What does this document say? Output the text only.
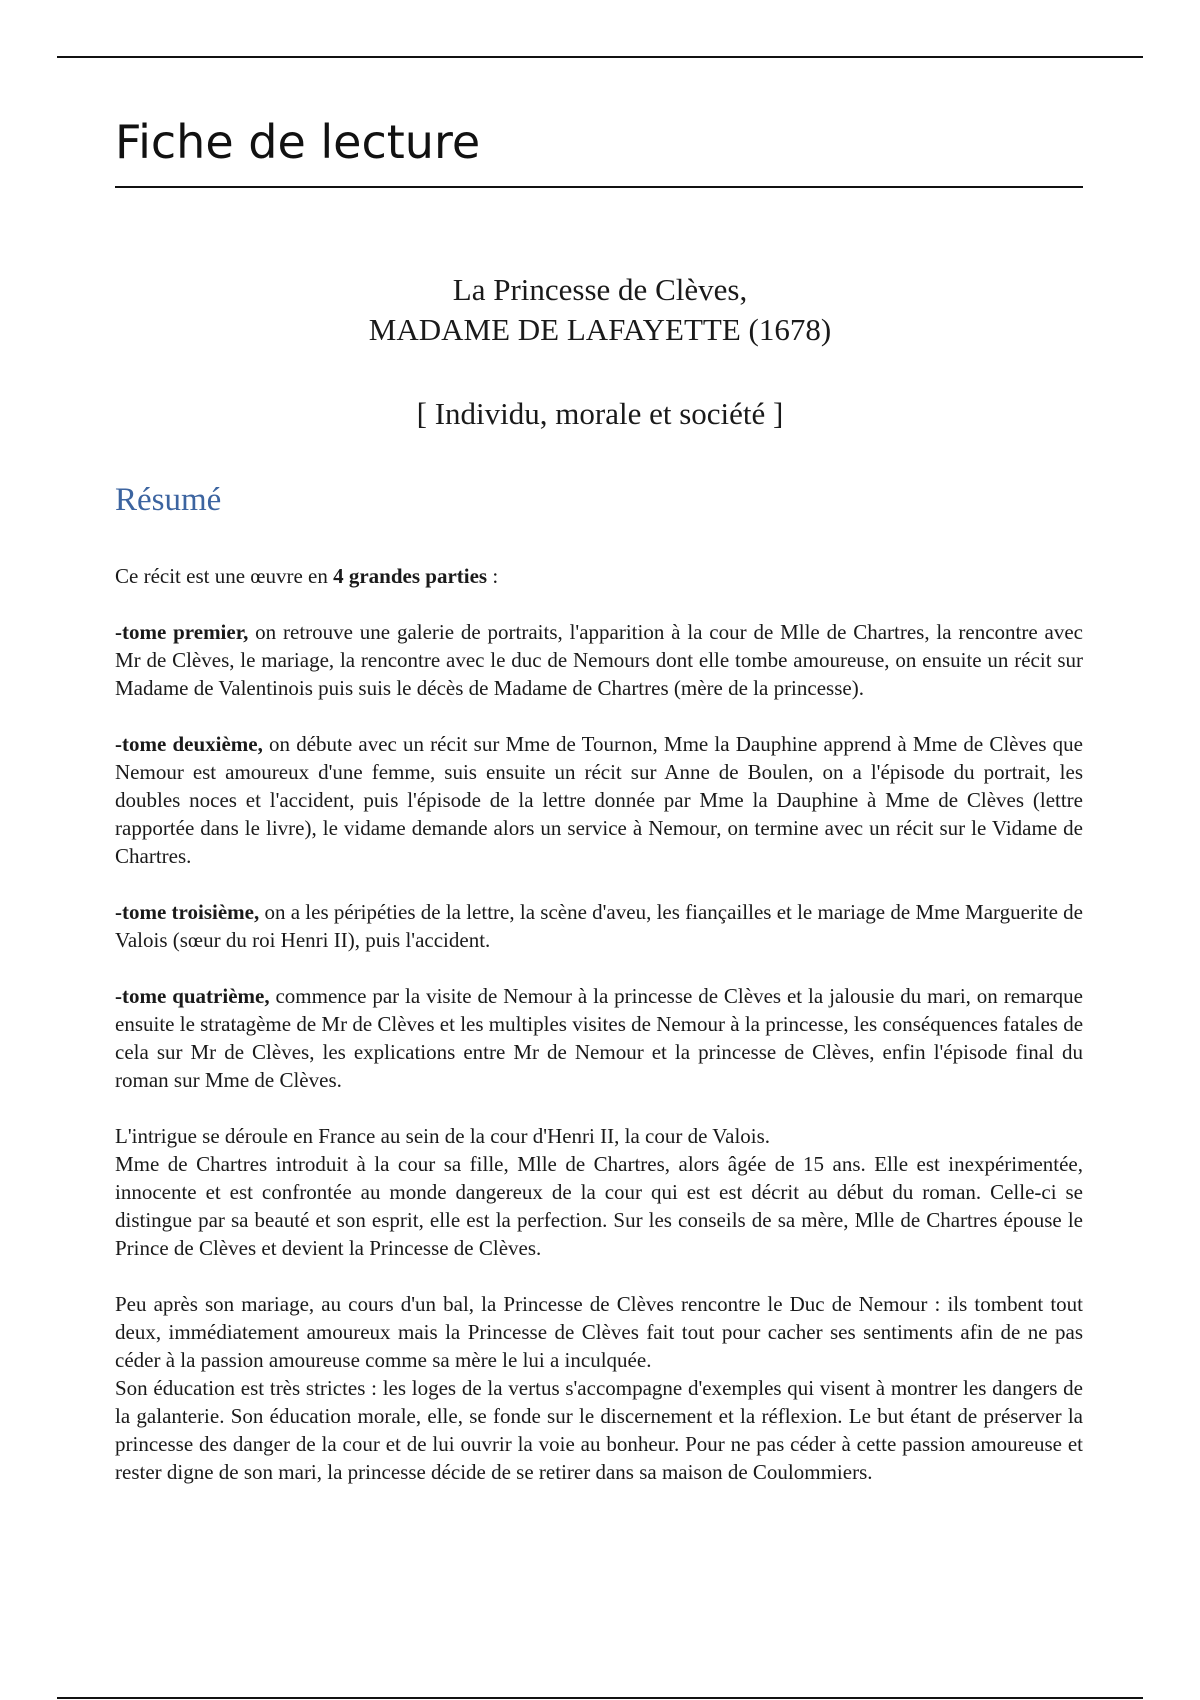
Fiche de lecture
La Princesse de Clèves,
MADAME DE LAFAYETTE (1678)
[ Individu, morale et société ]
Résumé

Ce récit est une œuvre en 4 grandes parties :

-tome premier, on retrouve une galerie de portraits, l'apparition à la cour de Mlle de Chartres, la rencontre avec Mr de Clèves, le mariage, la rencontre avec le duc de Nemours dont elle tombe amoureuse, on ensuite un récit sur Madame de Valentinois puis suis le décès de Madame de Chartres (mère de la princesse).

-tome deuxième, on débute avec un récit sur Mme de Tournon, Mme la Dauphine apprend à Mme de Clèves que Nemour est amoureux d'une femme, suis ensuite un récit sur Anne de Boulen, on a l'épisode du portrait, les doubles noces et l'accident, puis l'épisode de la lettre donnée par Mme la Dauphine à Mme de Clèves (lettre rapportée dans le livre), le vidame demande alors un service à Nemour, on termine avec un récit sur le Vidame de Chartres.

-tome troisième, on a les péripéties de la lettre, la scène d'aveu, les fiançailles et le mariage de Mme Marguerite de Valois (sœur du roi Henri II), puis l'accident.

-tome quatrième, commence par la visite de Nemour à la princesse de Clèves et la jalousie du mari, on remarque ensuite le stratagème de Mr de Clèves et les multiples visites de Nemour à la princesse, les conséquences fatales de cela sur Mr de Clèves, les explications entre Mr de Nemour et la princesse de Clèves, enfin l'épisode final du roman sur Mme de Clèves.

L'intrigue se déroule en France au sein de la cour d'Henri II, la cour de Valois.

Mme de Chartres introduit à la cour sa fille, Mlle de Chartres, alors âgée de 15 ans. Elle est inexpérimentée, innocente et est confrontée au monde dangereux de la cour qui est est décrit au début du roman. Celle-ci se distingue par sa beauté et son esprit, elle est la perfection. Sur les conseils de sa mère, Mlle de Chartres épouse le Prince de Clèves et devient la Princesse de Clèves.

Peu après son mariage, au cours d'un bal, la Princesse de Clèves rencontre le Duc de Nemour : ils tombent tout deux, immédiatement amoureux mais la Princesse de Clèves fait tout pour cacher ses sentiments afin de ne pas céder à la passion amoureuse comme sa mère le lui a inculquée.

Son éducation est très strictes : les loges de la vertus s'accompagne d'exemples qui visent à montrer les dangers de la galanterie. Son éducation morale, elle, se fonde sur le discernement et la réflexion. Le but étant de préserver la princesse des danger de la cour et de lui ouvrir la voie au bonheur. Pour ne pas céder à cette passion amoureuse et rester digne de son mari, la princesse décide de se retirer dans sa maison de Coulommiers.
